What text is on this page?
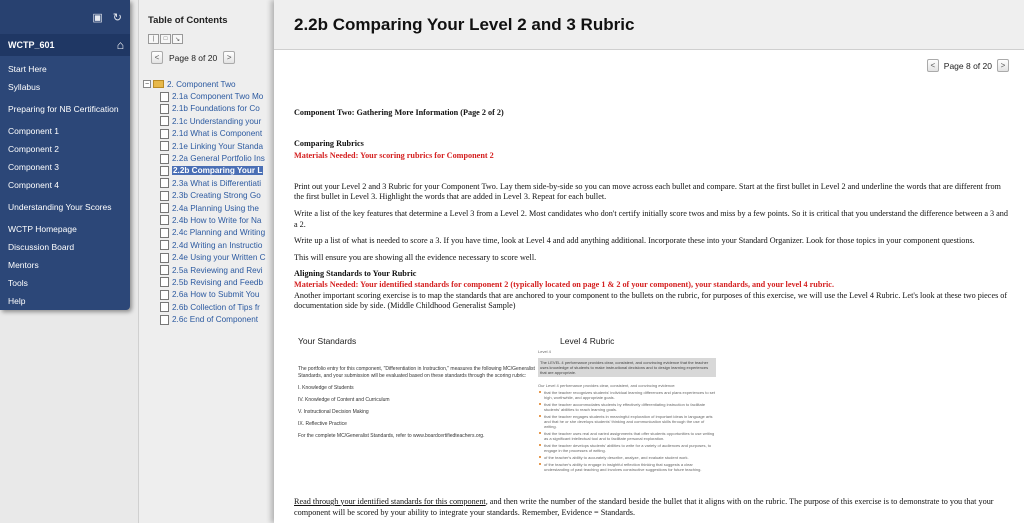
▣ ↻
WCTP_601	⌂
Start Here
Syllabus
Preparing for NB Certification
Component 1
Component 2
Component 3
Component 4
Understanding Your Scores
WCTP Homepage
Discussion Board
Mentors
Tools
Help
Table of Contents
|	□	↘
<	Page 8 of 20	>
− 2. Component Two
2.1a Component Two Mo
2.1b Foundations for Co
2.1c Understanding your
2.1d What is Component
2.1e Linking Your Standa
2.2a General Portfolio Ins
2.2b Comparing Your L
2.3a What is Differentiati
2.3b Creating Strong Go
2.4a Planning Using the
2.4b How to Write for Na
2.4c Planning and Writing
2.4d Writing an Instructio
2.4e Using your Written C
2.5a Reviewing and Revi
2.5b Revising and Feedb
2.6a How to Submit You
2.6b Collection of Tips fr
2.6c End of Component
2.2b Comparing Your Level 2 and 3 Rubric
<	Page 8 of 20	>

Component Two: Gathering More Information (Page 2 of 2)

Comparing Rubrics

Materials Needed: Your scoring rubrics for Component 2

Print out your Level 2 and 3 Rubric for your Component Two. Lay them side-by-side so you can move across each bullet and compare. Start at the first bullet in Level 2 and underline the words that are different from the first bullet in Level 3. Highlight the words that are added in Level 3. Repeat for each bullet.

Write a list of the key features that determine a Level 3 from a Level 2. Most candidates who don't certify initially score twos and miss by a few points. So it is critical that you understand the difference between a 3 and a 2.

Write up a list of what is needed to score a 3. If you have time, look at Level 4 and add anything additional. Incorporate these into your Standard Organizer. Look for those topics in your component questions.

This will ensure you are showing all the evidence necessary to score well.

Aligning Standards to Your Rubric

Materials Needed: Your identified standards for component 2 (typically located on page 1 & 2 of your component), your standards, and your level 4 rubric.

Another important scoring exercise is to map the standards that are anchored to your component to the bullets on the rubric, for purposes of this exercise, we will use the Level 4 Rubric. Let's look at these two pieces of documentation side by side. (Middle Childhood Generalist Sample)

Your Standards	Level 4 Rubric
The portfolio entry for this component, "Differentiation in Instruction," measures the following MC/Generalist Standards, and your submission will be evaluated based on these standards through the scoring rubric:
I. Knowledge of Students
IV. Knowledge of Content and Curriculum
V. Instructional Decision Making
IX. Reflective Practice
For the complete MC/Generalist Standards, refer to www.boardcertifiedteachers.org.
Level 4
The LEVEL 4 performance provides clear, consistent, and convincing evidence that the teacher uses knowledge of students to make instructional decisions and to design learning experiences that are appropriate.
Our Level 4 performance provides clear, consistent, and convincing evidence:
that the teacher recognizes students' individual learning differences and plans experiences to set high, worthwhile, and appropriate goals.
that the teacher accommodates students by effectively differentiating instruction to facilitate students' abilities to reach learning goals.
that the teacher engages students in meaningful exploration of important ideas in language arts and that he or she develops students' thinking and communication skills through the use of writing.
that the teacher uses real and varied assignments that offer students opportunities to use writing as a significant intellectual tool and to facilitate personal exploration.
that the teacher develops students' abilities to write for a variety of audiences and purposes, to engage in the processes of writing.
of the teacher's ability to accurately describe, analyze, and evaluate student work.
of the teacher's ability to engage in insightful reflection thinking that suggests a clear understanding of past teaching and involves constructive suggestions for future teaching.
Read through your identified standards for this component, and then write the number of the standard beside the bullet that it aligns with on the rubric. The purpose of this exercise is to demonstrate to you that your component will be scored by your ability to integrate your standards. Remember, Evidence = Standards.
